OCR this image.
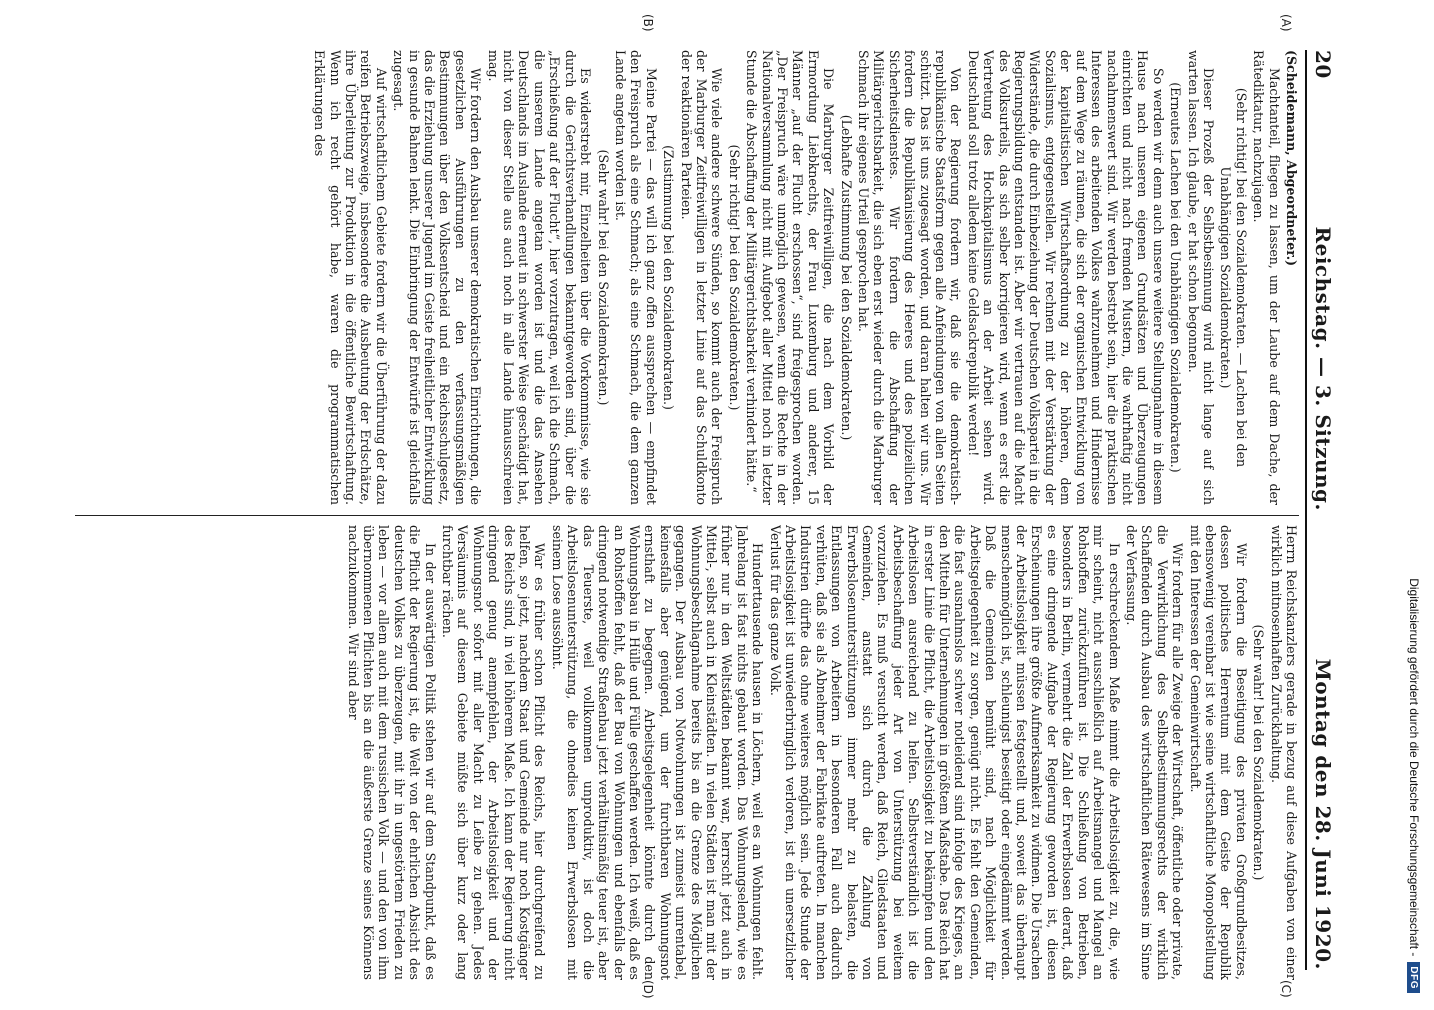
20
Reichstag. — 3. Sitzung.
Montag den 28. Juni 1920.
(A)
(B)
(C)
(D)

(Scheidemann, Abgeordneter.)

Machtanteil, fliegen zu lassen, um der Laube auf dem Dache, der Rätediktatur, nachzujagen.

(Sehr richtig! bei den Sozialdemokraten. — Lachen bei den Unabhängigen Sozialdemokraten.)

Dieser Prozeß der Selbstbesinnung wird nicht lange auf sich warten lassen. Ich glaube, er hat schon begonnen.

(Erneutes Lachen bei den Unabhängigen Sozialdemokraten.)

So werden wir denn auch unsere weitere Stellungnahme in diesem Hause nach unseren eigenen Grundsätzen und Überzeugungen einrichten und nicht nach fremden Mustern, die wahrhaftig nicht nachahmenswert sind. Wir werden bestrebt sein, hier die praktischen Interessen des arbeitenden Volkes wahrzunehmen und Hindernisse auf dem Wege zu räumen, die sich der organischen Entwicklung von der kapitalistischen Wirtschaftsordnung zu der höheren, dem Sozialismus, entgegenstellen. Wir rechnen mit der Verstärkung der Widerstände, die durch Einbeziehung der Deutschen Volkspartei in die Regierungsbildung entstanden ist. Aber wir vertrauen auf die Macht des Volksurteils, das sich selber korrigieren wird, wenn es erst die Vertretung des Hochkapitalismus an der Arbeit sehen wird. Deutschland soll trotz alledem keine Geldsackrepublik werden!

Von der Regierung fordern wir, daß sie die demokratisch-republikanische Staatsform gegen alle Anfeindungen von allen Seiten schützt. Das ist uns zugesagt worden, und daran halten wir uns. Wir fordern die Republikanisierung des Heeres und des polizeilichen Sicherheitsdienstes. Wir fordern die Abschaffung der Militärgerichtsbarkeit, die sich eben erst wieder durch die Marburger Schmach ihr eigenes Urteil gesprochen hat.

(Lebhafte Zustimmung bei den Sozialdemokraten.)

Die Marburger Zeitfreiwilligen, die nach dem Vorbild der Ermordung Liebknechts, der Frau Luxemburg und anderer, 15 Männer „auf der Flucht erschossen“, sind freigesprochen worden. „Der Freispruch wäre unmöglich gewesen, wenn die Rechte in der Nationalversammlung nicht mit Aufgebot aller Mittel noch in letzter Stunde die Abschaffung der Militärgerichtsbarkeit verhindert hätte.“

(Sehr richtig! bei den Sozialdemokraten.)

Wie viele andere schwere Sünden, so kommt auch der Freispruch der Marburger Zeitfreiwilligen in letzter Linie auf das Schuldkonto der reaktionären Parteien.

(Zustimmung bei den Sozialdemokraten.)

Meine Partei — das will ich ganz offen aussprechen — empfindet den Freispruch als eine Schmach; als eine Schmach, die dem ganzen Lande angetan worden ist.

(Sehr wahr! bei den Sozialdemokraten.)

Es widerstrebt mir, Einzelheiten über die Vorkommnisse, wie sie durch die Gerichtsverhandlungen bekanntgeworden sind, über die „Erschießung auf der Flucht“, hier vorzutragen, weil ich die Schmach, die unserem Lande angetan worden ist und die das Ansehen Deutschlands im Auslande erneut in schwerster Weise geschädigt hat, nicht von dieser Stelle aus auch noch in alle Lande hinausschreien mag.

Wir fordern den Ausbau unserer demokratischen Einrichtungen, die gesetzlichen Ausführungen zu den verfassungsmäßigen Bestimmungen über den Volksentscheid und ein Reichsschulgesetz, das die Erziehung unserer Jugend im Geiste freiheitlicher Entwicklung in gesunde Bahnen lenkt. Die Einbringung der Entwürfe ist gleichfalls zugesagt.

Auf wirtschaftlichem Gebiete fordern wir die Überführung der dazu reifen Betriebszweige, insbesondere die Ausbeutung der Erdschätze, ihre Überleitung zur Produktion in die öffentliche Bewirtschaftung. Wenn ich recht gehört habe, waren die programmatischen Erklärungen des

Herrn Reichskanzlers gerade in bezug auf diese Aufgaben von einer wirklich mitnosenhaften Zurückhaltung.

(Sehr wahr! bei den Sozialdemokraten.)

Wir fordern die Beseitigung des privaten Großgrundbesitzes, dessen politisches Herrentum mit dem Geiste der Republik ebensowenig vereinbar ist wie seine wirtschaftliche Monopolstellung mit den Interessen der Gemeinwirtschaft.

Wir fordern für alle Zweige der Wirtschaft, öffentliche oder private, die Verwirklichung des Selbstbestimmungsrechts der wirklich Schaffenden durch Ausbau des wirtschaftlichen Rätewesens im Sinne der Verfassung.

In erschreckendem Maße nimmt die Arbeitslosigkeit zu, die, wie mir scheint, nicht ausschließlich auf Arbeitsmangel und Mangel an Rohstoffen zurückzuführen ist. Die Schließung von Betrieben, besonders in Berlin, vermehrt die Zahl der Erwerbslosen derart, daß es eine dringende Aufgabe der Regierung geworden ist, diesen Erscheinungen ihre größte Aufmerksamkeit zu widmen. Die Ursachen der Arbeitslosigkeit müssen festgestellt und, soweit das überhaupt menschenmöglich ist, schleunigst beseitigt oder eingedämmt werden. Daß die Gemeinden bemüht sind, nach Möglichkeit für Arbeitsgelegenheit zu sorgen, genügt nicht. Es fehlt den Gemeinden, die fast ausnahmslos schwer notleidend sind infolge des Krieges, an den Mitteln für Unternehmungen in größtem Maßstabe. Das Reich hat in erster Linie die Pflicht, die Arbeitslosigkeit zu bekämpfen und den Arbeitslosen ausreichend zu helfen. Selbstverständlich ist die Arbeitsbeschaffung jeder Art von Unterstützung bei weitem vorzuziehen. Es muß versucht werden, daß Reich, Gliedstaaten und Gemeinden, anstatt sich durch die Zahlung von Erwerbslosenunterstützungen immer mehr zu belasten, die Entlassungen von Arbeitern in besonderen Fall auch dadurch verhüten, daß sie als Abnehmer der Fabrikate auftreten. In manchen Industrien dürfte das ohne weiteres möglich sein. Jede Stunde der Arbeitslosigkeit ist unwiederbringlich verloren, ist ein unersetzlicher Verlust für das ganze Volk.

Hunderttausende hausen in Löchern, weil es an Wohnungen fehlt. Jahrelang ist fast nichts gebaut worden. Das Wohnungselend, wie es früher nur in den Weltstädten bekannt war, herrscht jetzt auch in Mittel-, selbst auch in Kleinstädten. In vielen Städten ist man mit der Wohnungsbeschlagnahme bereits bis an die Grenze des Möglichen gegangen. Der Ausbau von Notwohnungen ist zumeist unrentabel, keinesfalls aber genügend, um der furchtbaren Wohnungsnot ernsthaft zu begegnen. Arbeitsgelegenheit könnte durch den Wohnungsbau in Hülle und Fülle geschaffen werden. Ich weiß, daß es an Rohstoffen fehlt, daß der Bau von Wohnungen und ebenfalls der dringend notwendige Straßenbau jetzt verhältnismäßig teuer ist, aber das Teuerste, weil vollkommen unproduktiv, ist doch die Arbeitslosenunterstützung, die ohnedies keinen Erwerbslosen mit seinem Lose aussöhnt.

War es früher schon Pflicht des Reichs, hier durchgreifend zu helfen, so jetzt, nachdem Staat und Gemeinde nur noch Kostgänger des Reichs sind, in viel höherem Maße. Ich kann der Regierung nicht dringend genug anempfehlen, der Arbeitslosigkeit und der Wohnungsnot sofort mit aller Macht zu Leibe zu gehen. Jedes Versäumnis auf diesem Gebiete müßte sich über kurz oder lang furchtbar rächen.

In der auswärtigen Politik stehen wir auf dem Standpunkt, daß es die Pflicht der Regierung ist, die Welt von der ehrlichen Absicht des deutschen Volkes zu überzeugen, mit ihr in ungestörtem Frieden zu leben — vor allem auch mit dem russischen Volk — und den von ihm übernommenen Pflichten bis an die äußerste Grenze seines Könnens nachzukommen. Wir sind aber	Digitalisierung gefördert durch die Deutsche Forschungsgemeinschaft -
DFG
